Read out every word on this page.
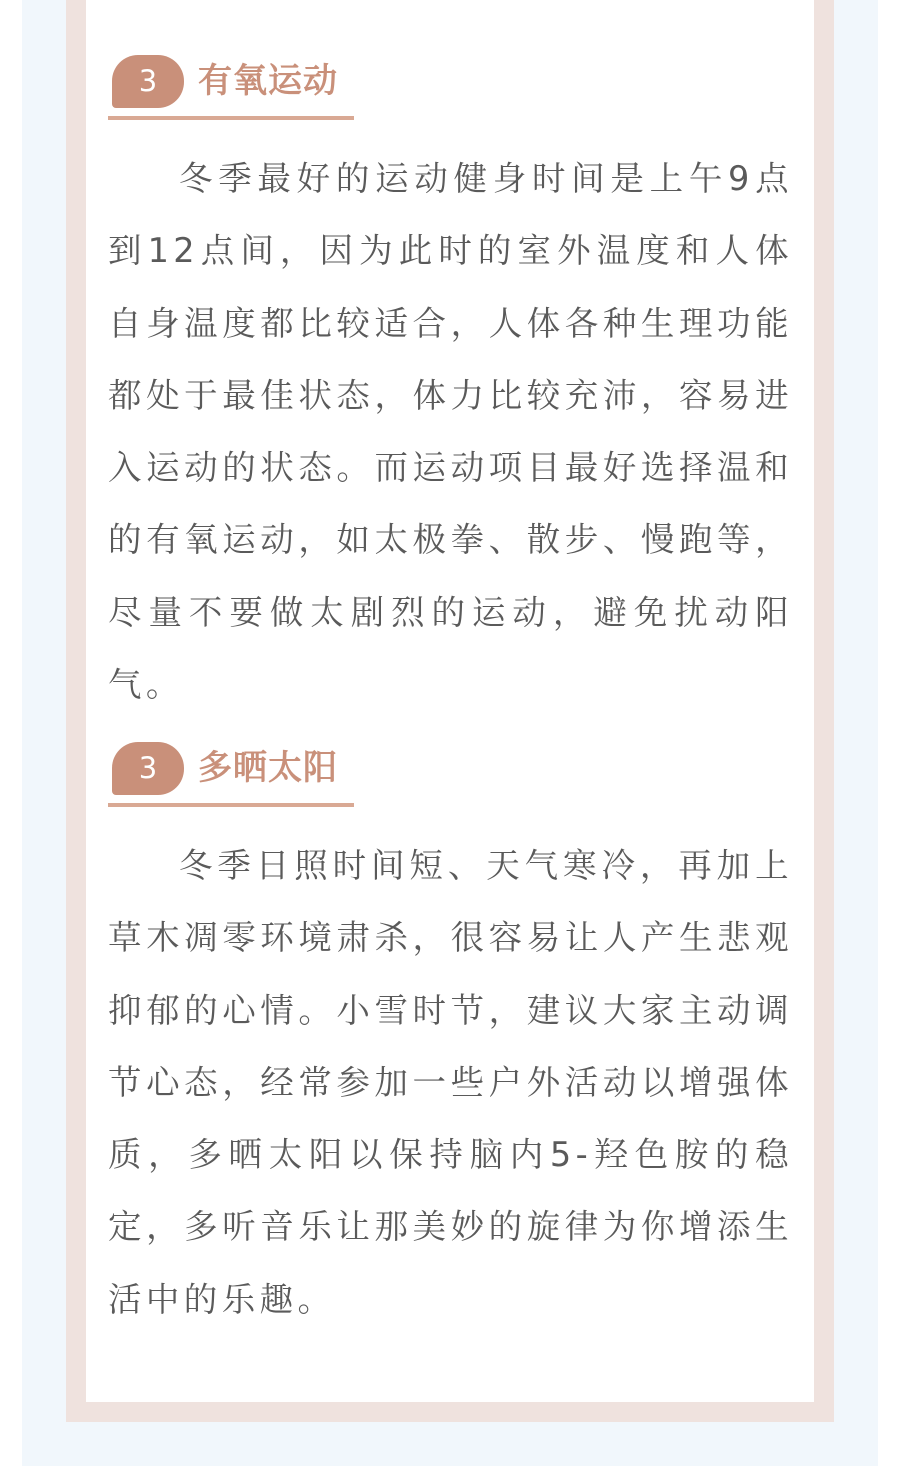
3	有氧运动

冬季最好的运动健身时间是上午9点到12点间，因为此时的室外温度和人体自身温度都比较适合，人体各种生理功能都处于最佳状态，体力比较充沛，容易进入运动的状态。而运动项目最好选择温和的有氧运动，如太极拳、散步、慢跑等，尽量不要做太剧烈的运动，避免扰动阳气。

3	多晒太阳

冬季日照时间短、天气寒冷，再加上草木凋零环境肃杀，很容易让人产生悲观抑郁的心情。小雪时节，建议大家主动调节心态，经常参加一些户外活动以增强体质，多晒太阳以保持脑内5-羟色胺的稳定，多听音乐让那美妙的旋律为你增添生活中的乐趣。
